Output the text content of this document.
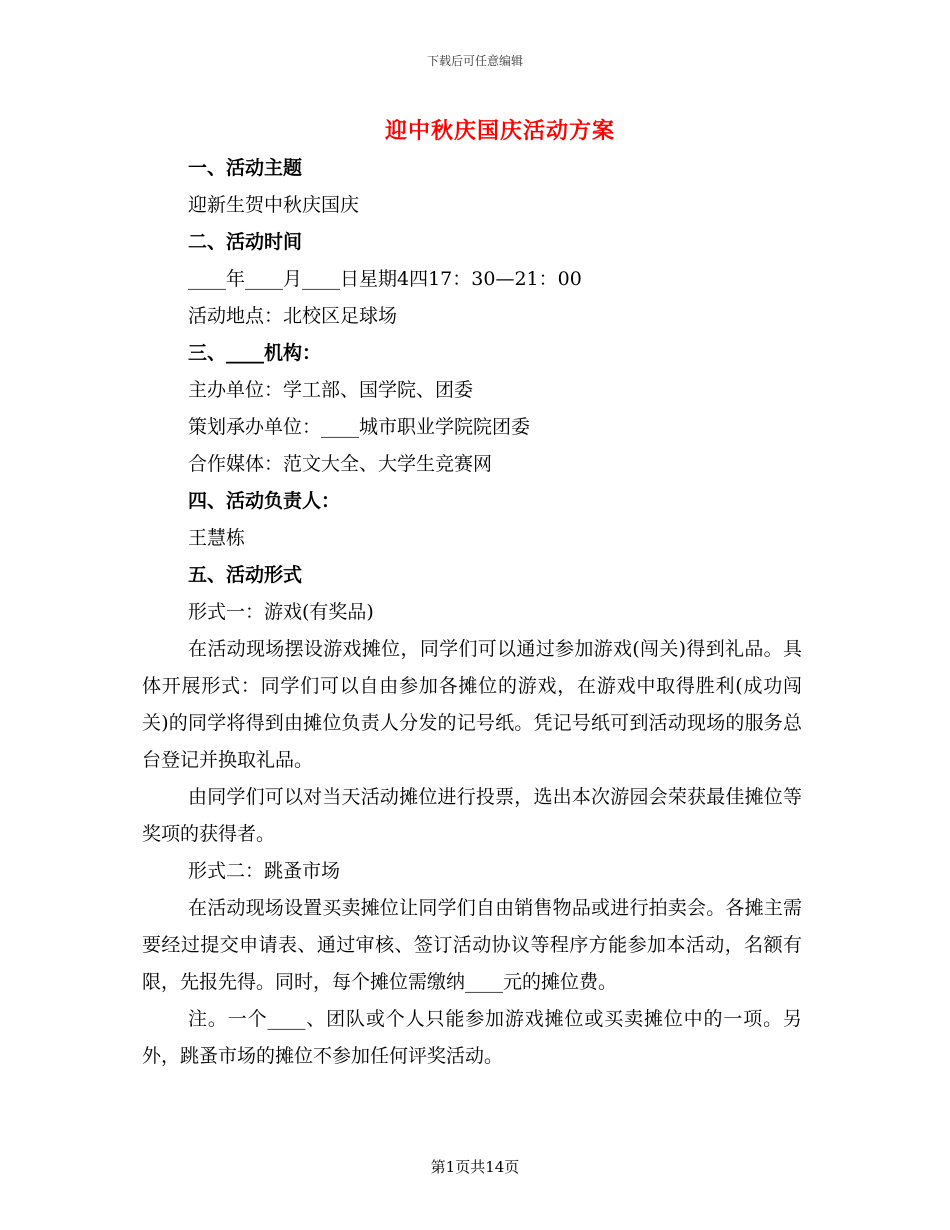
下载后可任意编辑
迎中秋庆国庆活动方案
一、活动主题
迎新生贺中秋庆国庆
二、活动时间
____年____月____日星期4四17：30—21：00
活动地点：北校区足球场
三、____机构：
主办单位：学工部、国学院、团委
策划承办单位：____城市职业学院院团委
合作媒体：范文大全、大学生竞赛网
四、活动负责人：
王慧栋
五、活动形式
形式一：游戏(有奖品)

在活动现场摆设游戏摊位，同学们可以通过参加游戏(闯关)得到礼品。具体开展形式：同学们可以自由参加各摊位的游戏，在游戏中取得胜利(成功闯关)的同学将得到由摊位负责人分发的记号纸。凭记号纸可到活动现场的服务总台登记并换取礼品。

由同学们可以对当天活动摊位进行投票，选出本次游园会荣获最佳摊位等奖项的获得者。

形式二：跳蚤市场

在活动现场设置买卖摊位让同学们自由销售物品或进行拍卖会。各摊主需要经过提交申请表、通过审核、签订活动协议等程序方能参加本活动，名额有限，先报先得。同时，每个摊位需缴纳____元的摊位费。

注。一个____、团队或个人只能参加游戏摊位或买卖摊位中的一项。另外，跳蚤市场的摊位不参加任何评奖活动。

第1页共14页
